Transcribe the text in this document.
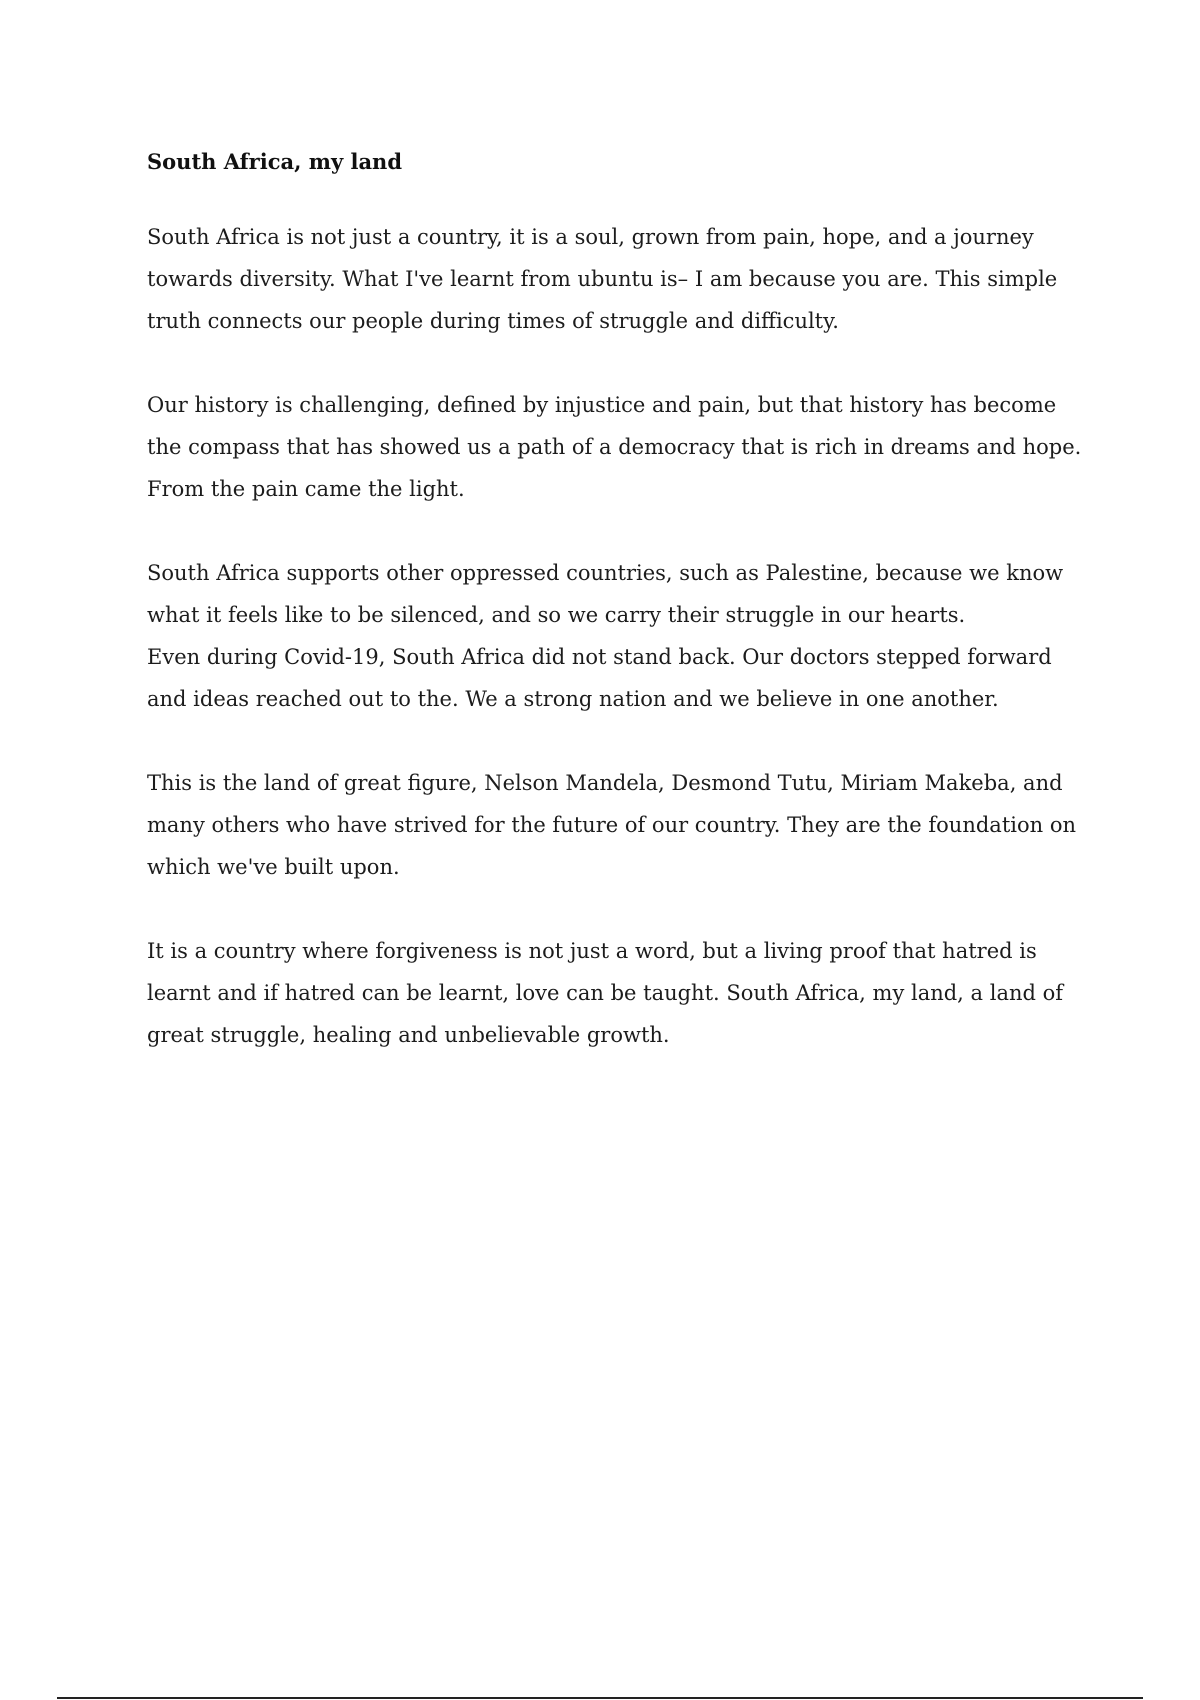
South Africa, my land

South Africa is not just a country, it is a soul, grown from pain, hope, and a journey
towards diversity. What I've learnt from ubuntu is– I am because you are. This simple
truth connects our people during times of struggle and difficulty.

Our history is challenging, defined by injustice and pain, but that history has become
the compass that has showed us a path of a democracy that is rich in dreams and hope.
From the pain came the light.

South Africa supports other oppressed countries, such as Palestine, because we know
what it feels like to be silenced, and so we carry their struggle in our hearts.
Even during Covid-19, South Africa did not stand back. Our doctors stepped forward
and ideas reached out to the. We a strong nation and we believe in one another.

This is the land of great figure, Nelson Mandela, Desmond Tutu, Miriam Makeba, and
many others who have strived for the future of our country. They are the foundation on
which we've built upon.

It is a country where forgiveness is not just a word, but a living proof that hatred is
learnt and if hatred can be learnt, love can be taught. South Africa, my land, a land of
great struggle, healing and unbelievable growth.
